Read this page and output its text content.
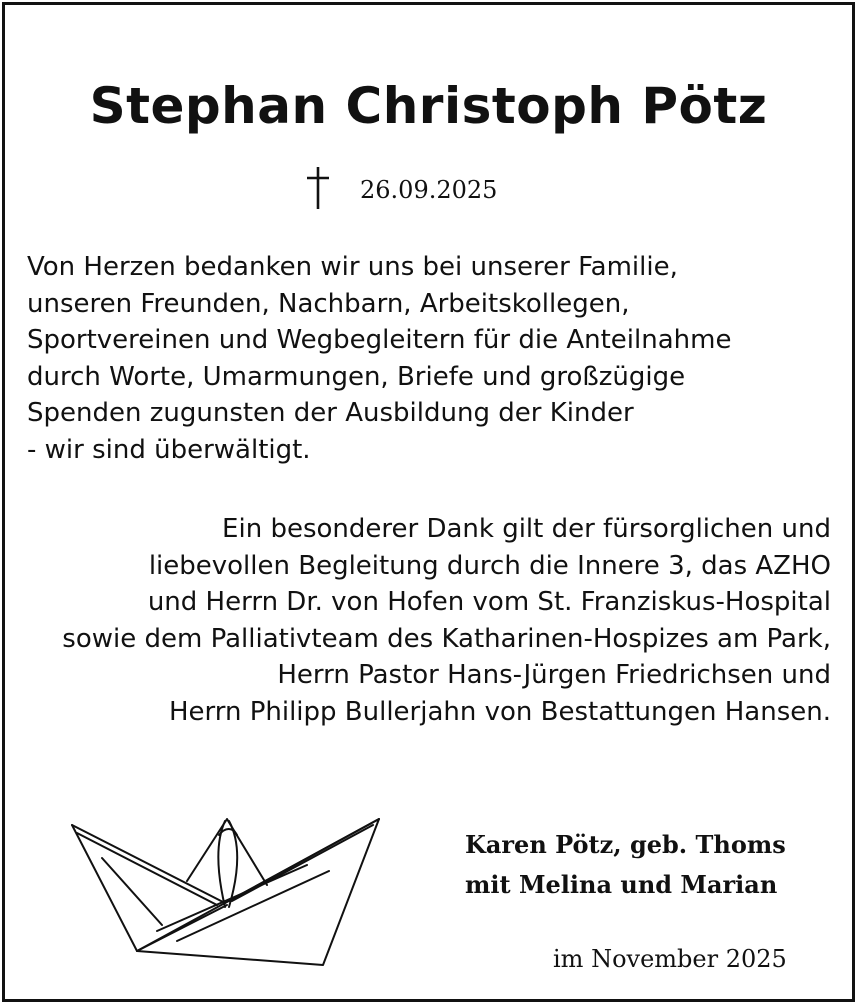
Stephan Christoph Pötz
26.09.2025

Von Herzen bedanken wir uns bei unserer Familie,
unseren Freunden, Nachbarn, Arbeitskollegen,
Sportvereinen und Wegbegleitern für die Anteilnahme
durch Worte, Umarmungen, Briefe und großzügige
Spenden zugunsten der Ausbildung der Kinder
- wir sind überwältigt.

Ein besonderer Dank gilt der fürsorglichen und
liebevollen Begleitung durch die Innere 3, das AZHO
und Herrn Dr. von Hofen vom St. Franziskus-Hospital
sowie dem Palliativteam des Katharinen-Hospizes am Park,
Herrn Pastor Hans-Jürgen Friedrichsen und
Herrn Philipp Bullerjahn von Bestattungen Hansen.

Karen Pötz, geb. Thoms
mit Melina und Marian
im November 2025
